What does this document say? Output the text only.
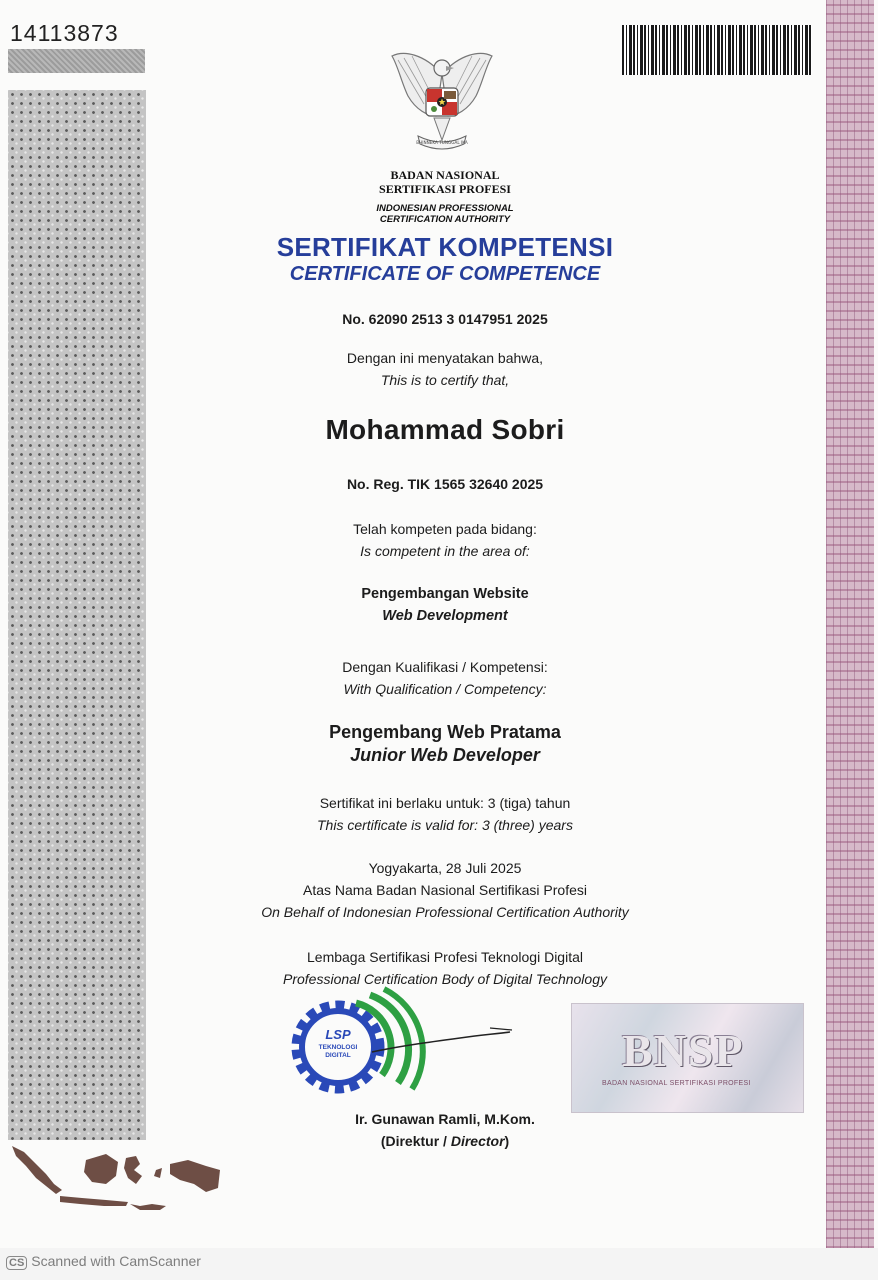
14113873
BHINNEKA TUNGGAL IKA
BADAN NASIONAL
SERTIFIKASI PROFESI
INDONESIAN PROFESSIONAL
CERTIFICATION AUTHORITY
SERTIFIKAT KOMPETENSI
CERTIFICATE OF COMPETENCE
No. 62090 2513 3 0147951 2025
Dengan ini menyatakan bahwa,
This is to certify that,
Mohammad Sobri
No. Reg. TIK 1565 32640 2025
Telah kompeten pada bidang:
Is competent in the area of:
Pengembangan Website
Web Development
Dengan Kualifikasi / Kompetensi:
With Qualification / Competency:
Pengembang Web Pratama
Junior Web Developer
Sertifikat ini berlaku untuk: 3 (tiga) tahun
This certificate is valid for: 3 (three) years
Yogyakarta, 28 Juli 2025
Atas Nama Badan Nasional Sertifikasi Profesi
On Behalf of Indonesian Professional Certification Authority
Lembaga Sertifikasi Profesi Teknologi Digital
Professional Certification Body of Digital Technology
LSP
TEKNOLOGI
DIGITAL	BNSP
BADAN NASIONAL SERTIFIKASI PROFESI
Ir. Gunawan Ramli, M.Kom.
(Direktur / Director)
CS Scanned with CamScanner
